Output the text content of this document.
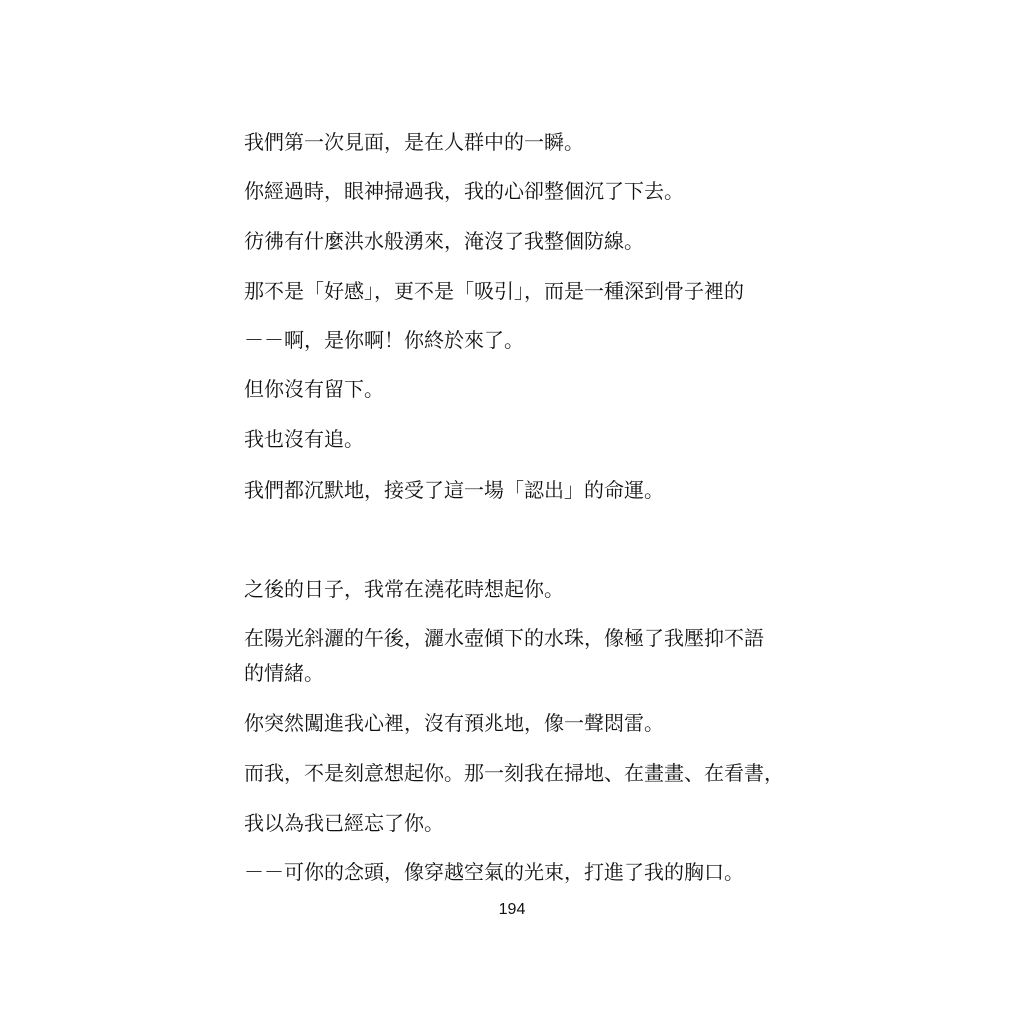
我們第一次見面，是在人群中的一瞬。
你經過時，眼神掃過我，我的心卻整個沉了下去。
彷彿有什麼洪水般湧來，淹沒了我整個防線。
那不是「好感」，更不是「吸引」，而是一種深到骨子裡的
－－啊，是你啊！你終於來了。
但你沒有留下。
我也沒有追。
我們都沉默地，接受了這一場「認出」的命運。
之後的日子，我常在澆花時想起你。
在陽光斜灑的午後，灑水壺傾下的水珠，像極了我壓抑不語
的情緒。
你突然闖進我心裡，沒有預兆地，像一聲悶雷。
而我，不是刻意想起你。那一刻我在掃地、在畫畫、在看書，
我以為我已經忘了你。
－－可你的念頭，像穿越空氣的光束，打進了我的胸口。
194
